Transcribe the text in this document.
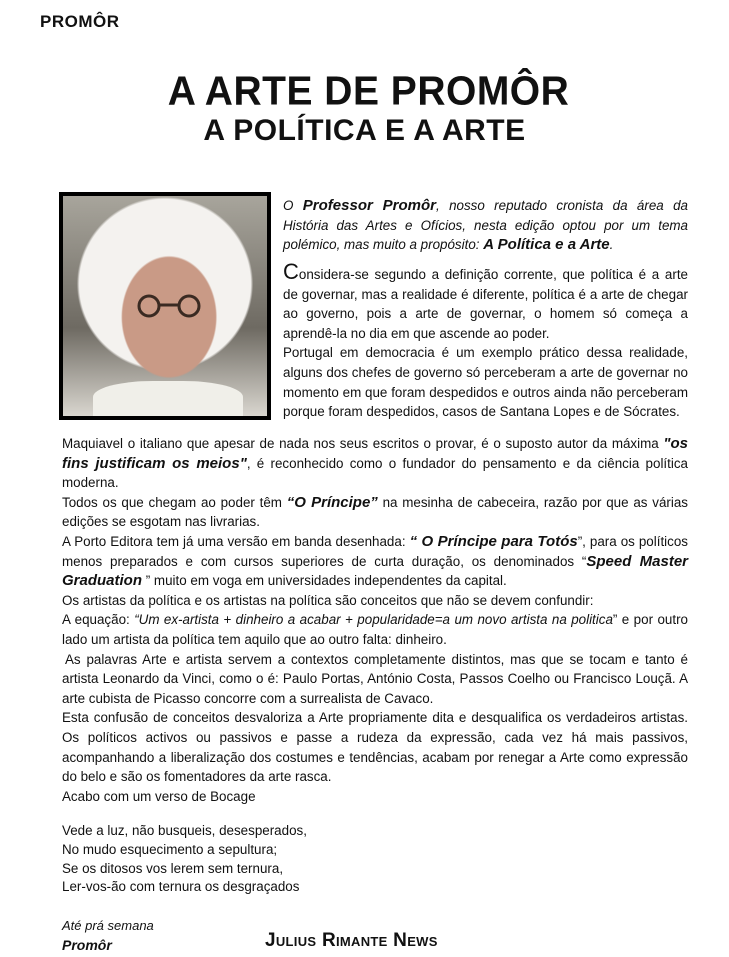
PROMÔR
A ARTE DE PROMÔR
A POLÍTICA E A ARTE
O Professor Promôr, nosso reputado cronista da área da História das Artes e Ofícios, nesta edição optou por um tema polémico, mas muito a propósito: A Política e a Arte.

Considera-se segundo a definição corrente, que política é a arte de governar, mas a realidade é diferente, política é a arte de chegar ao governo, pois a arte de governar, o homem só começa a aprendê-la no dia em que ascende ao poder.

Portugal em democracia é um exemplo prático dessa realidade, alguns dos chefes de governo só perceberam a arte de governar no momento em que foram despedidos e outros ainda não perceberam porque foram despedidos, casos de Santana Lopes e de Sócrates.

Maquiavel o italiano que apesar de nada nos seus escritos o provar, é o suposto autor da máxima "os fins justificam os meios", é reconhecido como o fundador do pensamento e da ciência política moderna.

Todos os que chegam ao poder têm “O Príncipe” na mesinha de cabeceira, razão por que as várias edições se esgotam nas livrarias.

A Porto Editora tem já uma versão em banda desenhada: “ O Príncipe para Totós”, para os políticos menos preparados e com cursos superiores de curta duração, os denominados “Speed Master Graduation ” muito em voga em universidades independentes da capital.

Os artistas da política e os artistas na política são conceitos que não se devem confundir:

A equação: “Um ex-artista + dinheiro a acabar + popularidade=a um novo artista na politica” e por outro lado um artista da política tem aquilo que ao outro falta: dinheiro.

As palavras Arte e artista servem a contextos completamente distintos, mas que se tocam e tanto é artista Leonardo da Vinci, como o é: Paulo Portas, António Costa, Passos Coelho ou Francisco Louçã. A arte cubista de Picasso concorre com a surrealista de Cavaco.

Esta confusão de conceitos desvaloriza a Arte propriamente dita e desqualifica os verdadeiros artistas. Os políticos activos ou passivos e passe a rudeza da expressão, cada vez há mais passivos, acompanhando a liberalização dos costumes e tendências, acabam por renegar a Arte como expressão do belo e são os fomentadores da arte rasca.

Acabo com um verso de Bocage

Vede a luz, não busqueis, desesperados,
No mudo esquecimento a sepultura;
Se os ditosos vos lerem sem ternura,
Ler-vos-ão com ternura os desgraçados
Até prá semana
Promôr	Julius Rimante News
